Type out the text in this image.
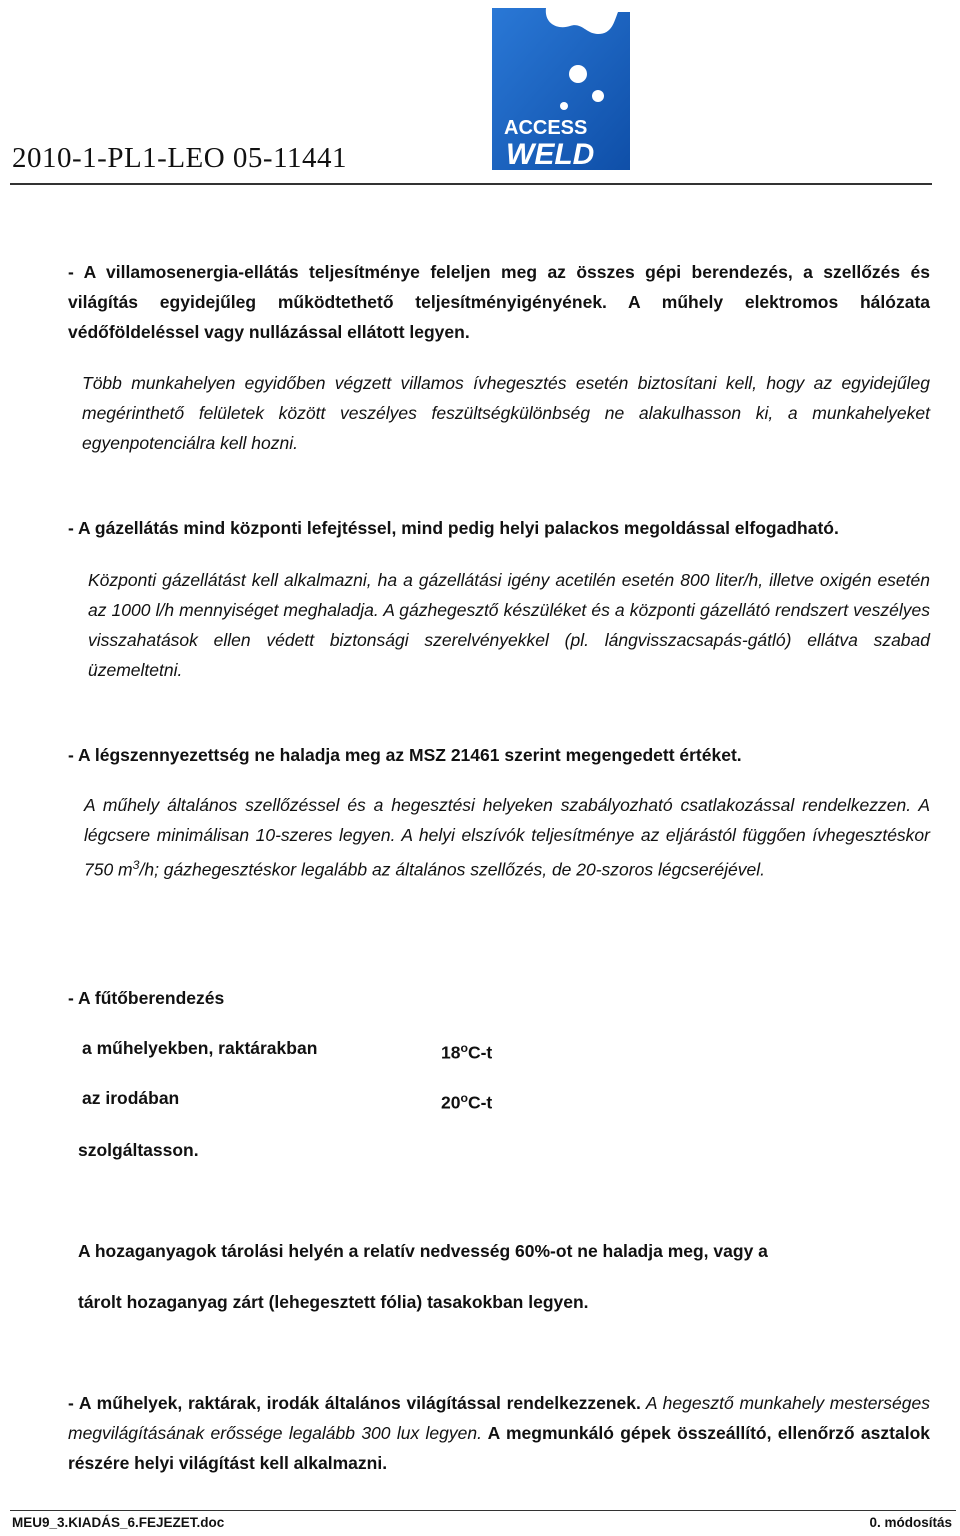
2010-1-PL1-LEO 05-11441
ACCESS
WELD
- A villamosenergia-ellátás teljesítménye feleljen meg az összes gépi berendezés, a szellőzés és világítás egyidejűleg működtethető teljesítményigényének. A műhely elektromos hálózata védőföldeléssel vagy nullázással ellátott legyen.
Több munkahelyen egyidőben végzett villamos ívhegesztés esetén biztosítani kell, hogy az egyidejűleg megérinthető felületek között veszélyes feszültségkülönbség ne alakulhasson ki, a munkahelyeket egyenpotenciálra kell hozni.
- A gázellátás mind központi lefejtéssel, mind pedig helyi palackos megoldással elfogadható.
Központi gázellátást kell alkalmazni, ha a gázellátási igény acetilén esetén 800 liter/h, illetve oxigén esetén az 1000 l/h mennyiséget meghaladja. A gázhegesztő készüléket és a központi gázellátó rendszert veszélyes visszahatások ellen védett biztonsági szerelvényekkel (pl. lángvisszacsapás-gátló) ellátva szabad üzemeltetni.
- A légszennyezettség ne haladja meg az MSZ 21461 szerint megengedett értéket.
A műhely általános szellőzéssel és a hegesztési helyeken szabályozható csatlakozással rendelkezzen. A légcsere minimálisan 10-szeres legyen. A helyi elszívók teljesítménye az eljárástól függően ívhegesztéskor 750 $m^3/h$; gázhegesztéskor legalább az általános szellőzés, de 20-szoros légcseréjével.
- A fűtőberendezés
a műhelyekben, raktárakban	18$^o$C-t
az irodában	20$^o$C-t
szolgáltasson.
A hozaganyagok tárolási helyén a relatív nedvesség 60%-ot ne haladja meg, vagy a
tárolt hozaganyag zárt (lehegesztett fólia) tasakokban legyen.
- A műhelyek, raktárak, irodák általános világítással rendelkezzenek. A hegesztő munkahely mesterséges megvilágításának erőssége legalább 300 lux legyen. A megmunkáló gépek összeállító, ellenőrző asztalok részére helyi világítást kell alkalmazni.
MEU9_3.KIADÁS_6.FEJEZET.doc	0. módosítás
